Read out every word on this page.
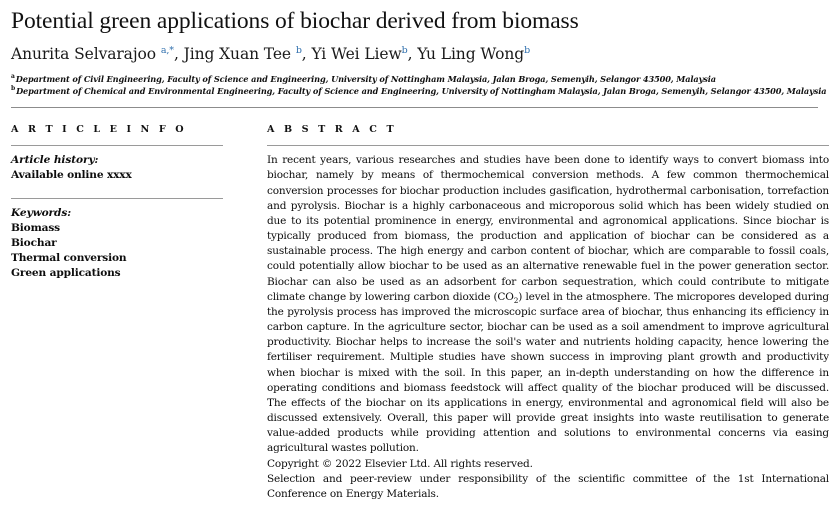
Potential green applications of biochar derived from biomass
Anurita Selvarajoo $^{a,*}$, Jing Xuan Tee $^b$, Yi Wei Liew$^b$, Yu Ling Wong$^b$
$^a$Department of Civil Engineering, Faculty of Science and Engineering, University of Nottingham Malaysia, Jalan Broga, Semenyih, Selangor 43500, Malaysia
$^b$Department of Chemical and Environmental Engineering, Faculty of Science and Engineering, University of Nottingham Malaysia, Jalan Broga, Semenyih, Selangor 43500, Malaysia
A R T I C L E I N F O
Article history:
Available online xxxx
Keywords:
Biomass
Biochar
Thermal conversion
Green applications
A B S T R A C T

In recent years, various researches and studies have been done to identify ways to convert biomass into biochar, namely by means of thermochemical conversion methods. A few common thermochemical conversion processes for biochar production includes gasification, hydrothermal carbonisation, torrefaction and pyrolysis. Biochar is a highly carbonaceous and microporous solid which has been widely studied on due to its potential prominence in energy, environmental and agronomical applications. Since biochar is typically produced from biomass, the production and application of biochar can be considered as a sustainable process. The high energy and carbon content of biochar, which are comparable to fossil coals, could potentially allow biochar to be used as an alternative renewable fuel in the power generation sector. Biochar can also be used as an adsorbent for carbon sequestration, which could contribute to mitigate climate change by lowering carbon dioxide $(CO_2)$ level in the atmosphere. The micropores developed during the pyrolysis process has improved the microscopic surface area of biochar, thus enhancing its efficiency in carbon capture. In the agriculture sector, biochar can be used as a soil amendment to improve agricultural productivity. Biochar helps to increase the soil's water and nutrients holding capacity, hence lowering the fertiliser requirement. Multiple studies have shown success in improving plant growth and productivity when biochar is mixed with the soil. In this paper, an in-depth understanding on how the difference in operating conditions and biomass feedstock will affect quality of the biochar produced will be discussed. The effects of the biochar on its applications in energy, environmental and agronomical field will also be discussed extensively. Overall, this paper will provide great insights into waste reutilisation to generate value-added products while providing attention and solutions to environmental concerns via easing agricultural wastes pollution.

Copyright © 2022 Elsevier Ltd. All rights reserved.

Selection and peer-review under responsibility of the scientific committee of the 1st International Conference on Energy Materials.
